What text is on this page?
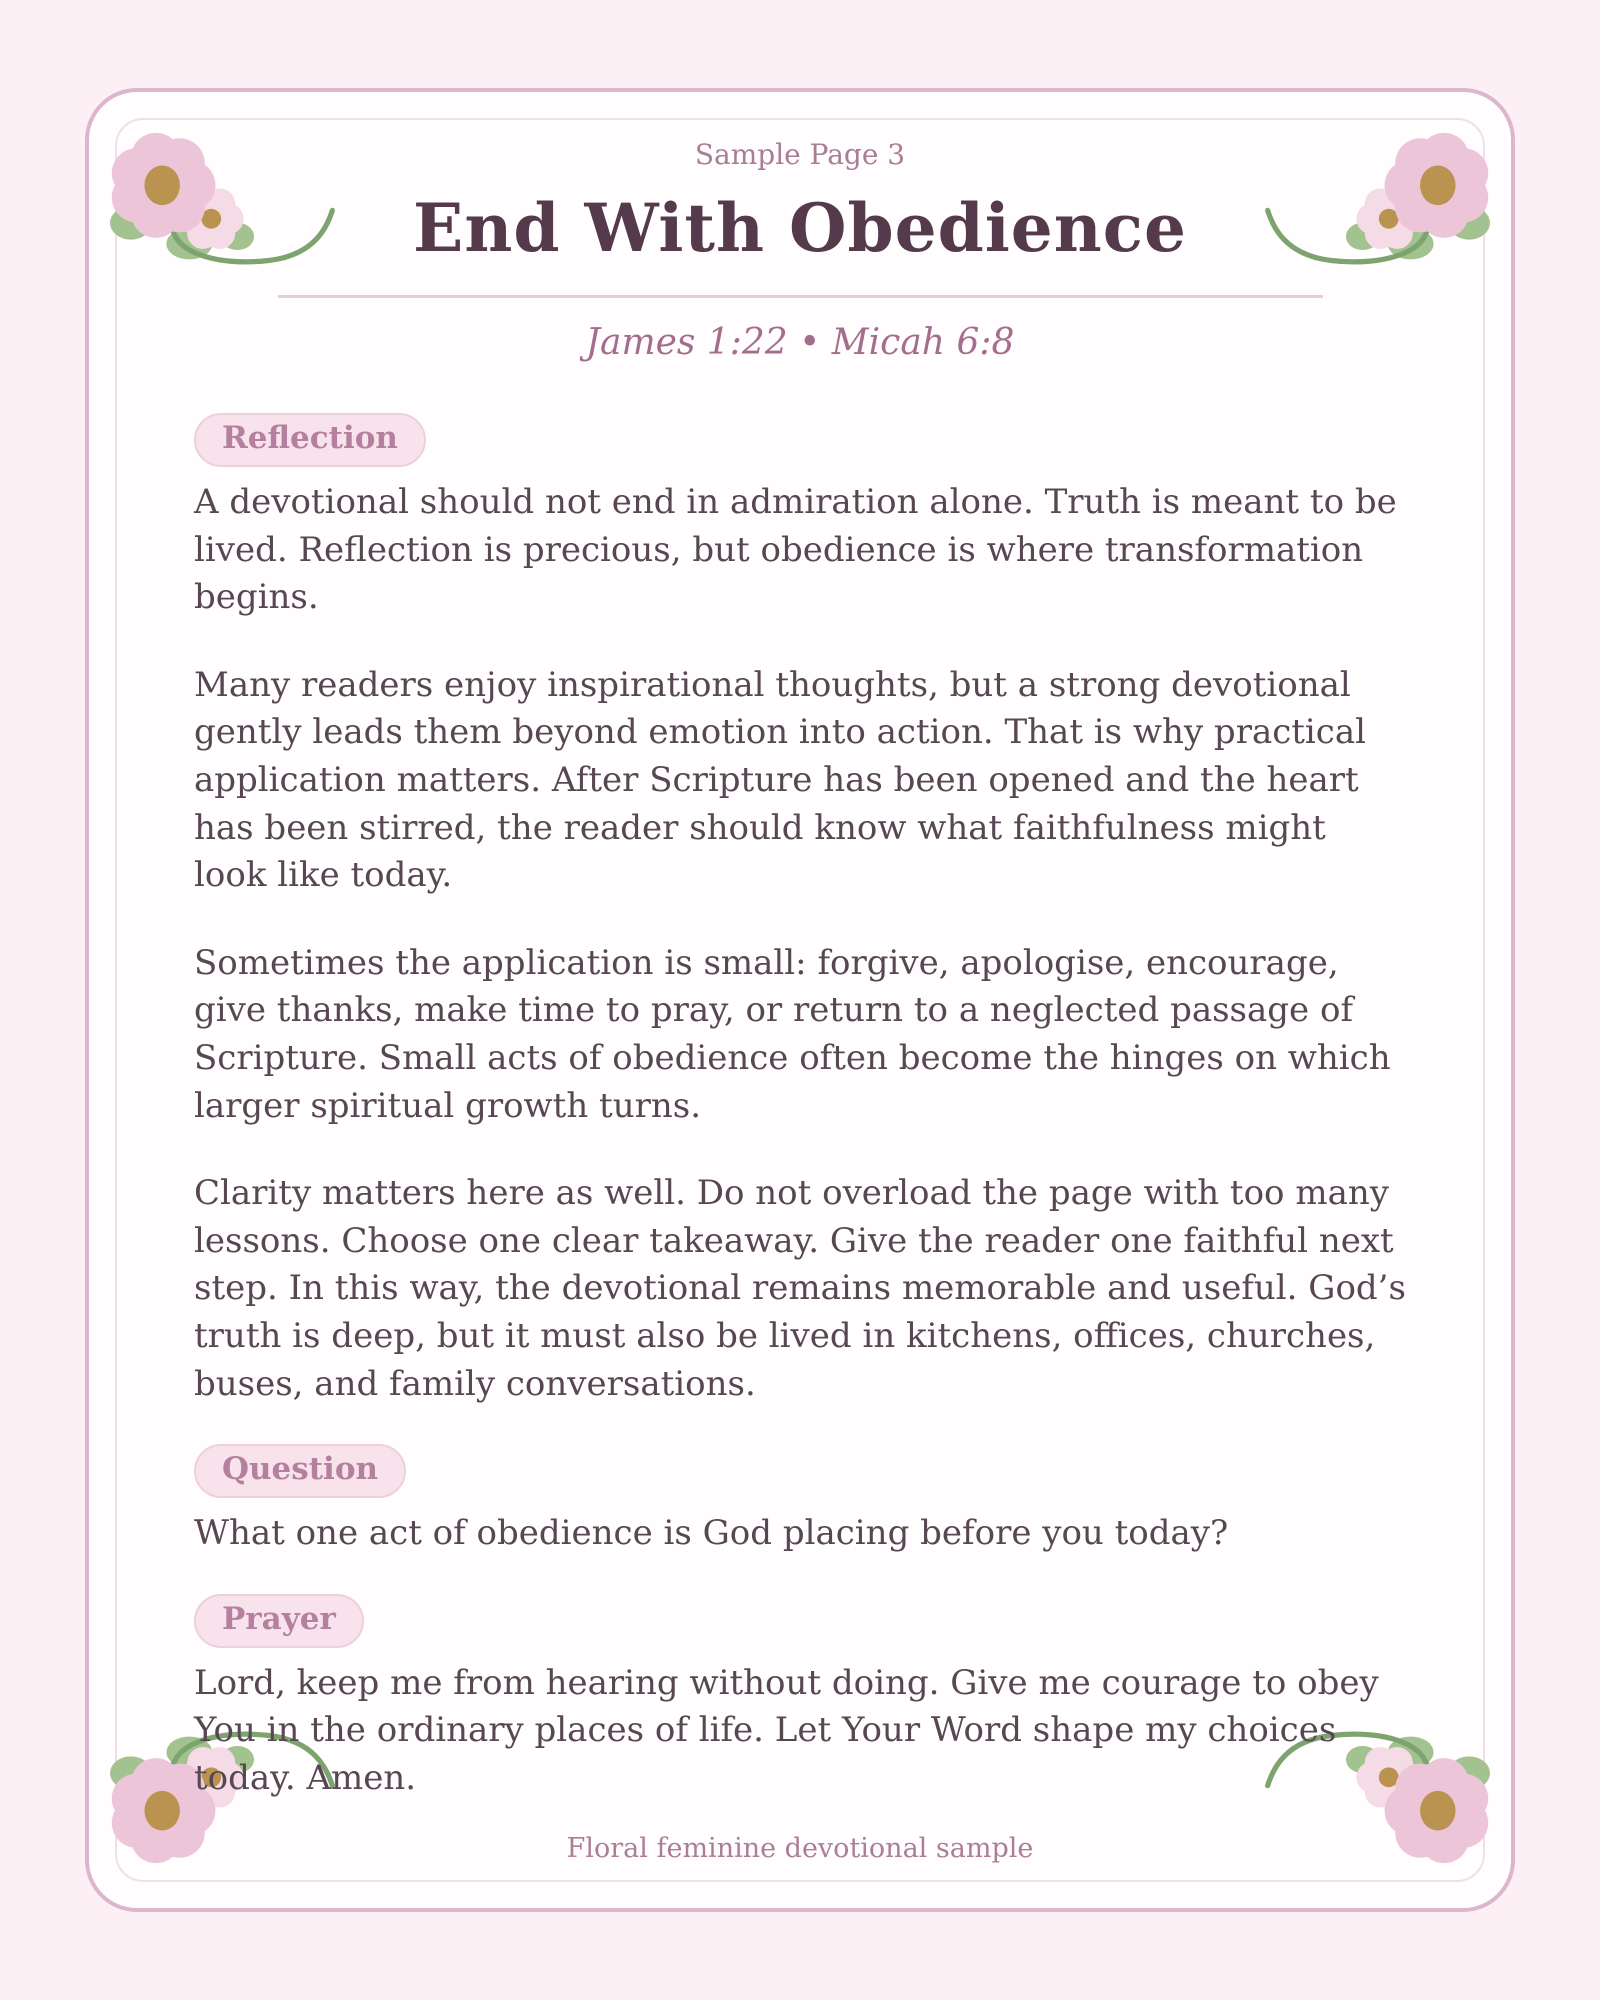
Sample Page 3
End With Obedience
James 1:22 • Micah 6:8
Reflection

A devotional should not end in admiration alone. Truth is meant to be lived. Reflection is precious, but obedience is where transformation begins.

Many readers enjoy inspirational thoughts, but a strong devotional gently leads them beyond emotion into action. That is why practical application matters. After Scripture has been opened and the heart has been stirred, the reader should know what faithfulness might look like today.

Sometimes the application is small: forgive, apologise, encourage, give thanks, make time to pray, or return to a neglected passage of Scripture. Small acts of obedience often become the hinges on which larger spiritual growth turns.

Clarity matters here as well. Do not overload the page with too many lessons. Choose one clear takeaway. Give the reader one faithful next step. In this way, the devotional remains memorable and useful. God’s truth is deep, but it must also be lived in kitchens, offices, churches, buses, and family conversations.

Question

What one act of obedience is God placing before you today?

Prayer

Lord, keep me from hearing without doing. Give me courage to obey You in the ordinary places of life. Let Your Word shape my choices today. Amen.

Floral feminine devotional sample
